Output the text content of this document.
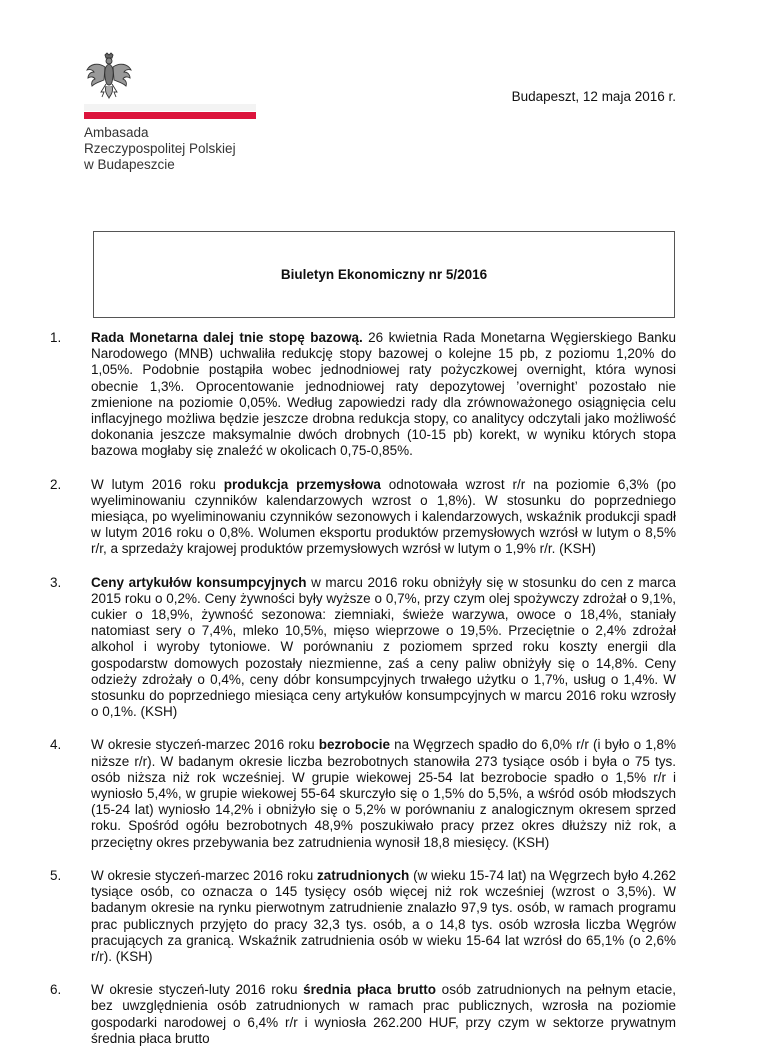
Budapeszt, 12 maja 2016 r.
Ambasada
Rzeczypospolitej Polskiej
w Budapeszcie
Biuletyn Ekonomiczny nr 5/2016
1. Rada Monetarna dalej tnie stopę bazową. 26 kwietnia Rada Monetarna Węgierskiego Banku Narodowego (MNB) uchwaliła redukcję stopy bazowej o kolejne 15 pb, z poziomu 1,20% do 1,05%. Podobnie postąpiła wobec jednodniowej raty pożyczkowej overnight, która wynosi obecnie 1,3%. Oprocentowanie jednodniowej raty depozytowej ’overnight’ pozostało nie zmienione na poziomie 0,05%. Według zapowiedzi rady dla zrównoważonego osiągnięcia celu inflacyjnego możliwa będzie jeszcze drobna redukcja stopy, co analitycy odczytali jako możliwość dokonania jeszcze maksymalnie dwóch drobnych (10-15 pb) korekt, w wyniku których stopa bazowa mogłaby się znaleźć w okolicach 0,75-0,85%.
2. W lutym 2016 roku produkcja przemysłowa odnotowała wzrost r/r na poziomie 6,3% (po wyeliminowaniu czynników kalendarzowych wzrost o 1,8%). W stosunku do poprzedniego miesiąca, po wyeliminowaniu czynników sezonowych i kalendarzowych, wskaźnik produkcji spadł w lutym 2016 roku o 0,8%. Wolumen eksportu produktów przemysłowych wzrósł w lutym o 8,5% r/r, a sprzedaży krajowej produktów przemysłowych wzrósł w lutym o 1,9% r/r. (KSH)
3. Ceny artykułów konsumpcyjnych w marcu 2016 roku obniżyły się w stosunku do cen z marca 2015 roku o 0,2%. Ceny żywności były wyższe o 0,7%, przy czym olej spożywczy zdrożał o 9,1%, cukier o 18,9%, żywność sezonowa: ziemniaki, świeże warzywa, owoce o 18,4%, staniały natomiast sery o 7,4%, mleko 10,5%, mięso wieprzowe o 19,5%. Przeciętnie o 2,4% zdrożał alkohol i wyroby tytoniowe. W porównaniu z poziomem sprzed roku koszty energii dla gospodarstw domowych pozostały niezmienne, zaś a ceny paliw obniżyły się o 14,8%. Ceny odzieży zdrożały o 0,4%, ceny dóbr konsumpcyjnych trwałego użytku o 1,7%, usług o 1,4%. W stosunku do poprzedniego miesiąca ceny artykułów konsumpcyjnych w marcu 2016 roku wzrosły o 0,1%. (KSH)
4. W okresie styczeń-marzec 2016 roku bezrobocie na Węgrzech spadło do 6,0% r/r (i było o 1,8% niższe r/r). W badanym okresie liczba bezrobotnych stanowiła 273 tysiące osób i była o 75 tys. osób niższa niż rok wcześniej. W grupie wiekowej 25-54 lat bezrobocie spadło o 1,5% r/r i wyniosło 5,4%, w grupie wiekowej 55-64 skurczyło się o 1,5% do 5,5%, a wśród osób młodszych (15-24 lat) wyniosło 14,2% i obniżyło się o 5,2% w porównaniu z analogicznym okresem sprzed roku. Spośród ogółu bezrobotnych 48,9% poszukiwało pracy przez okres dłuższy niż rok, a przeciętny okres przebywania bez zatrudnienia wynosił 18,8 miesięcy. (KSH)
5. W okresie styczeń-marzec 2016 roku zatrudnionych (w wieku 15-74 lat) na Węgrzech było 4.262 tysiące osób, co oznacza o 145 tysięcy osób więcej niż rok wcześniej (wzrost o 3,5%). W badanym okresie na rynku pierwotnym zatrudnienie znalazło 97,9 tys. osób, w ramach programu prac publicznych przyjęto do pracy 32,3 tys. osób, a o 14,8 tys. osób wzrosła liczba Węgrów pracujących za granicą. Wskaźnik zatrudnienia osób w wieku 15-64 lat wzrósł do 65,1% (o 2,6% r/r). (KSH)
6. W okresie styczeń-luty 2016 roku średnia płaca brutto osób zatrudnionych na pełnym etacie, bez uwzględnienia osób zatrudnionych w ramach prac publicznych, wzrosła na poziomie gospodarki narodowej o 6,4% r/r i wyniosła 262.200 HUF, przy czym w sektorze prywatnym średnia płaca brutto
